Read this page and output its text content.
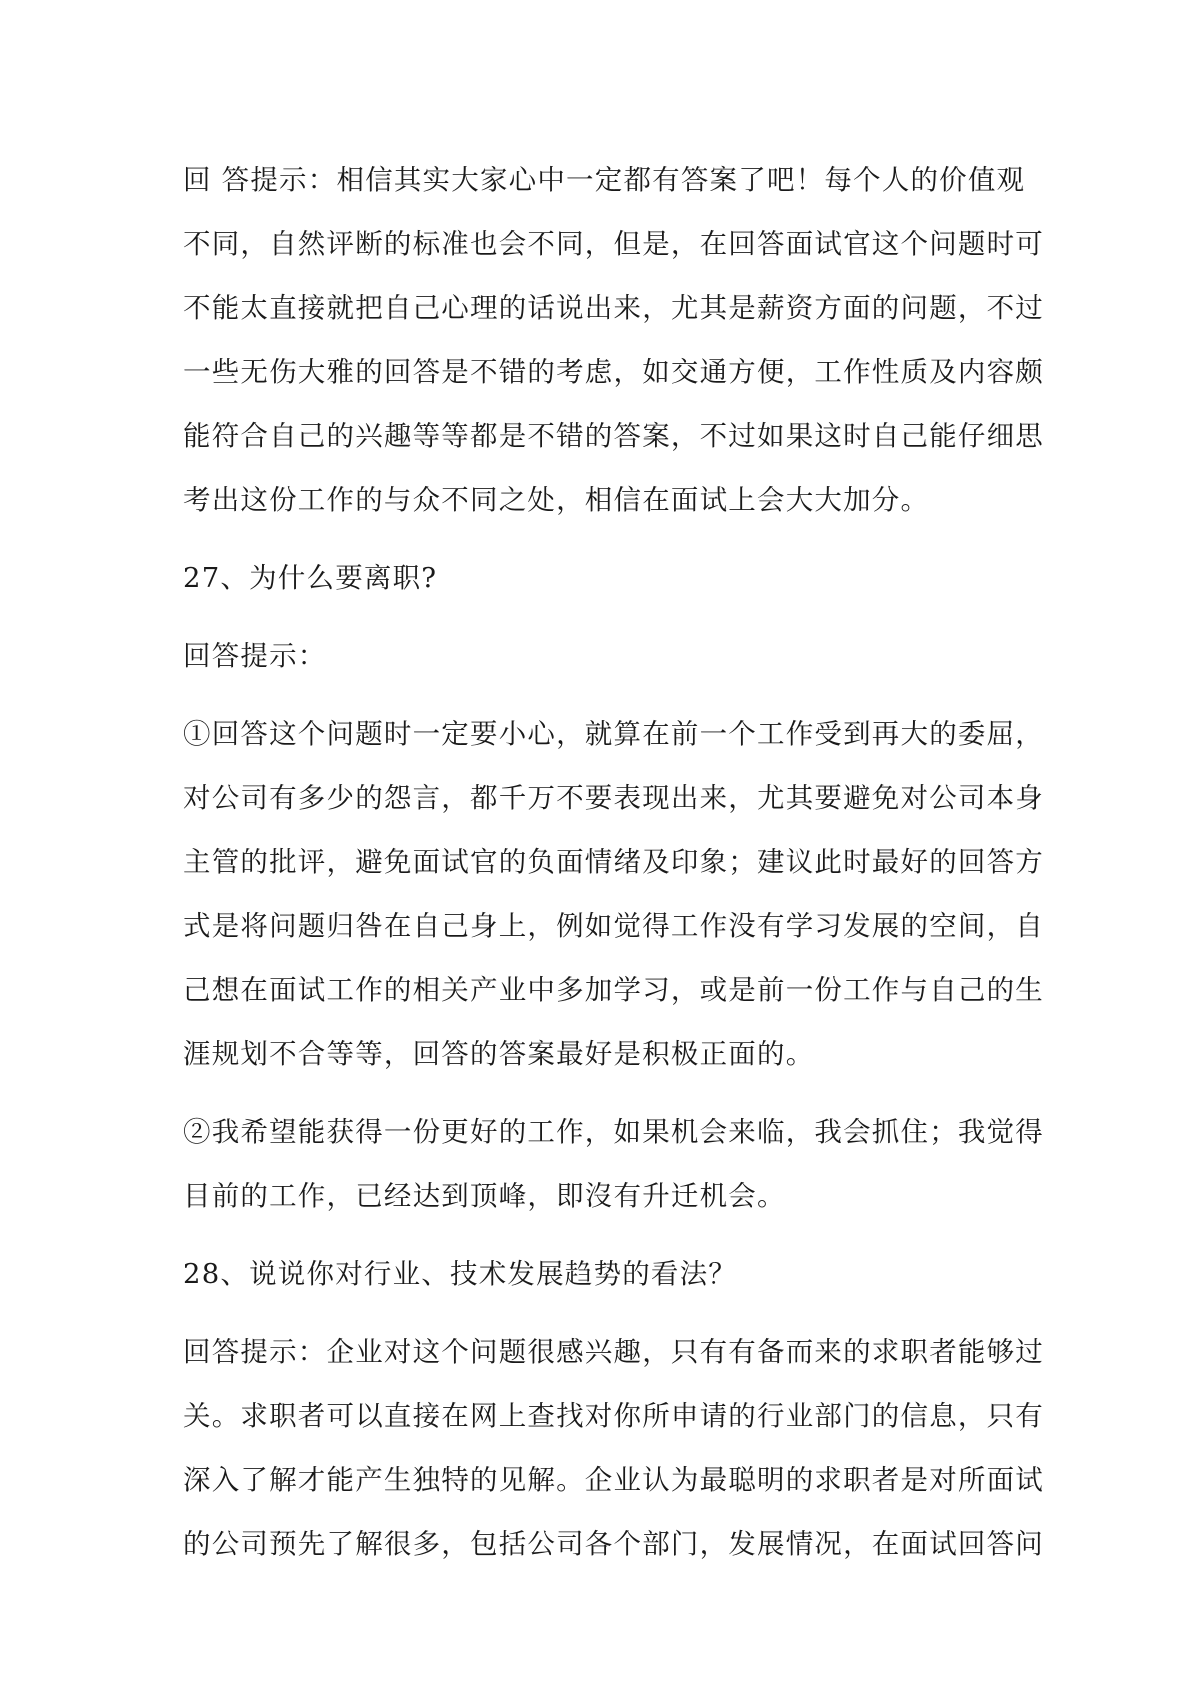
回 答提示：相信其实大家心中一定都有答案了吧！每个人的价值观
不同，自然评断的标准也会不同，但是，在回答面试官这个问题时可
不能太直接就把自己心理的话说出来，尤其是薪资方面的问题，不过
一些无伤大雅的回答是不错的考虑，如交通方便，工作性质及内容颇
能符合自己的兴趣等等都是不错的答案，不过如果这时自己能仔细思
考出这份工作的与众不同之处，相信在面试上会大大加分。
27、为什么要离职?
回答提示：
①回答这个问题时一定要小心，就算在前一个工作受到再大的委屈，
对公司有多少的怨言，都千万不要表现出来，尤其要避免对公司本身
主管的批评，避免面试官的负面情绪及印象；建议此时最好的回答方
式是将问题归咎在自己身上，例如觉得工作没有学习发展的空间，自
己想在面试工作的相关产业中多加学习，或是前一份工作与自己的生
涯规划不合等等，回答的答案最好是积极正面的。
②我希望能获得一份更好的工作，如果机会来临，我会抓住；我觉得
目前的工作，已经达到顶峰，即沒有升迁机会。
28、说说你对行业、技术发展趋势的看法？
回答提示：企业对这个问题很感兴趣，只有有备而来的求职者能够过
关。求职者可以直接在网上查找对你所申请的行业部门的信息，只有
深入了解才能产生独特的见解。企业认为最聪明的求职者是对所面试
的公司预先了解很多，包括公司各个部门，发展情况，在面试回答问
